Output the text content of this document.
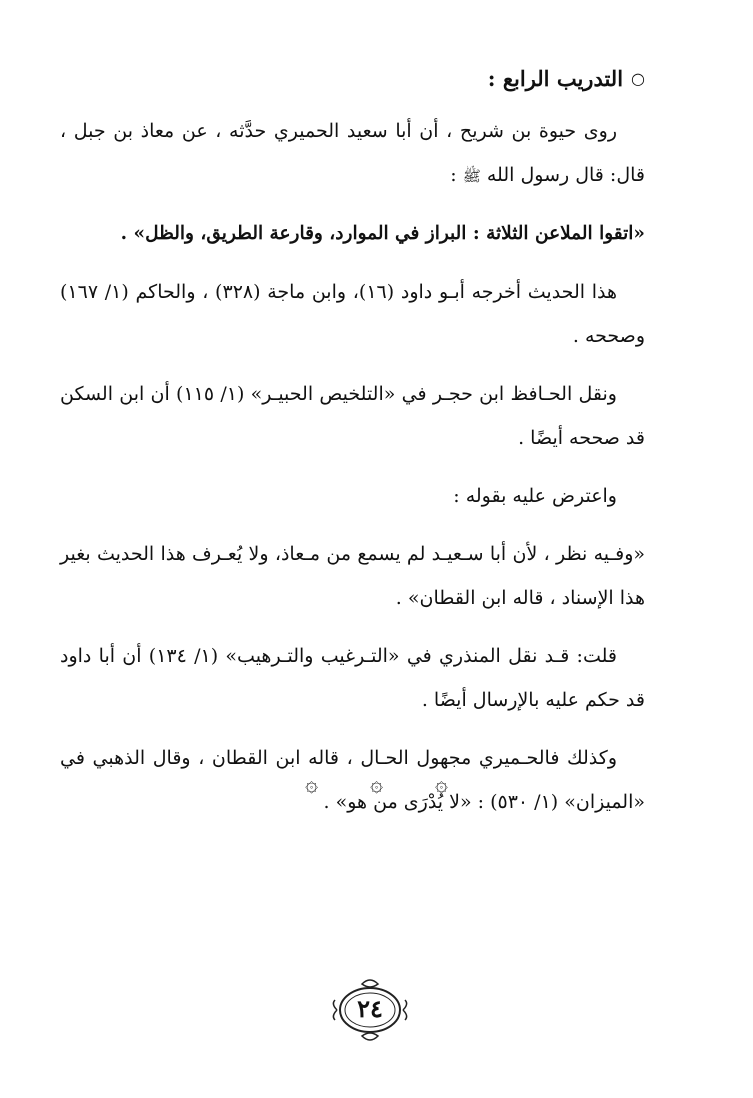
○
التدريب الرابع :

روى حيوة بن شريح ، أن أبا سعيد الحميري حدَّثه ، عن معاذ بن جبل ، قال: قال رسول الله ﷺ :

«اتقوا الملاعن الثلاثة : البراز في الموارد، وقارعة الطريق، والظل» .

هذا الحديث أخرجه أبـو داود (١٦)، وابن ماجة (٣٢٨) ، والحاكم (١/ ١٦٧) وصححه .

ونقل الحـافظ ابن حجـر في «التلخيص الحبيـر» (١/ ١١٥) أن ابن السكن قد صححه أيضًا .

واعترض عليه بقوله :

«وفـيه نظر ، لأن أبا سـعيـد لم يسمع من مـعاذ، ولا يُعـرف هذا الحديث بغير هذا الإسناد ، قاله ابن القطان» .

قلت: قـد نقل المنذري في «التـرغيب والتـرهيب» (١/ ١٣٤) أن أبا داود قد حكم عليه بالإرسال أيضًا .

وكذلك فالحـميري مجهول الحـال ، قاله ابن القطان ، وقال الذهبي في «الميزان» (١/ ٥٣٠) : «لا يُدْرَى من هو» .

۞
۞
۞
٢٤
